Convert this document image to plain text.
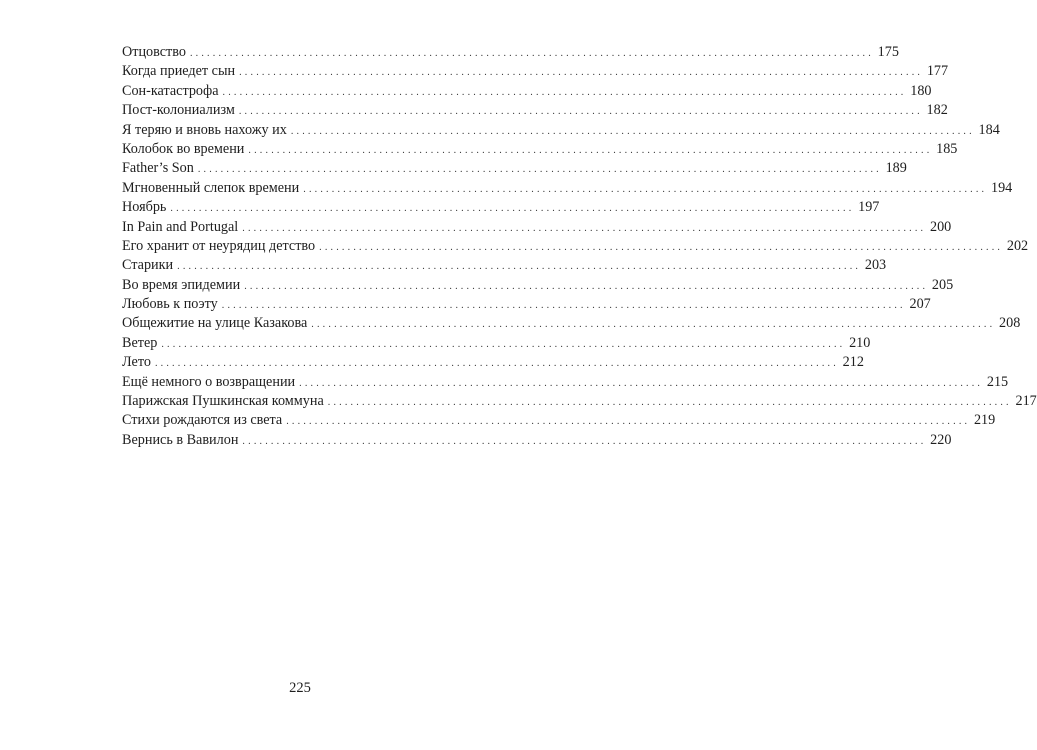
Отцовство ........................................................................................................................ 175
Когда приедет сын ........................................................................................................................ 177
Сон-катастрофа ........................................................................................................................ 180
Пост-колониализм ........................................................................................................................ 182
Я теряю и вновь нахожу их ........................................................................................................................ 184
Колобок во времени ........................................................................................................................ 185
Father’s Son ........................................................................................................................ 189
Мгновенный слепок времени ........................................................................................................................ 194
Ноябрь ........................................................................................................................ 197
In Pain and Portugal ........................................................................................................................ 200
Его хранит от неурядиц детство ........................................................................................................................ 202
Старики ........................................................................................................................ 203
Во время эпидемии ........................................................................................................................ 205
Любовь к поэту ........................................................................................................................ 207
Общежитие на улице Казакова ........................................................................................................................ 208
Ветер ........................................................................................................................ 210
Лето ........................................................................................................................ 212
Ещё немного о возвращении ........................................................................................................................ 215
Парижская Пушкинская коммуна ........................................................................................................................ 217
Стихи рождаются из света ........................................................................................................................ 219
Вернись в Вавилон ........................................................................................................................ 220
225
